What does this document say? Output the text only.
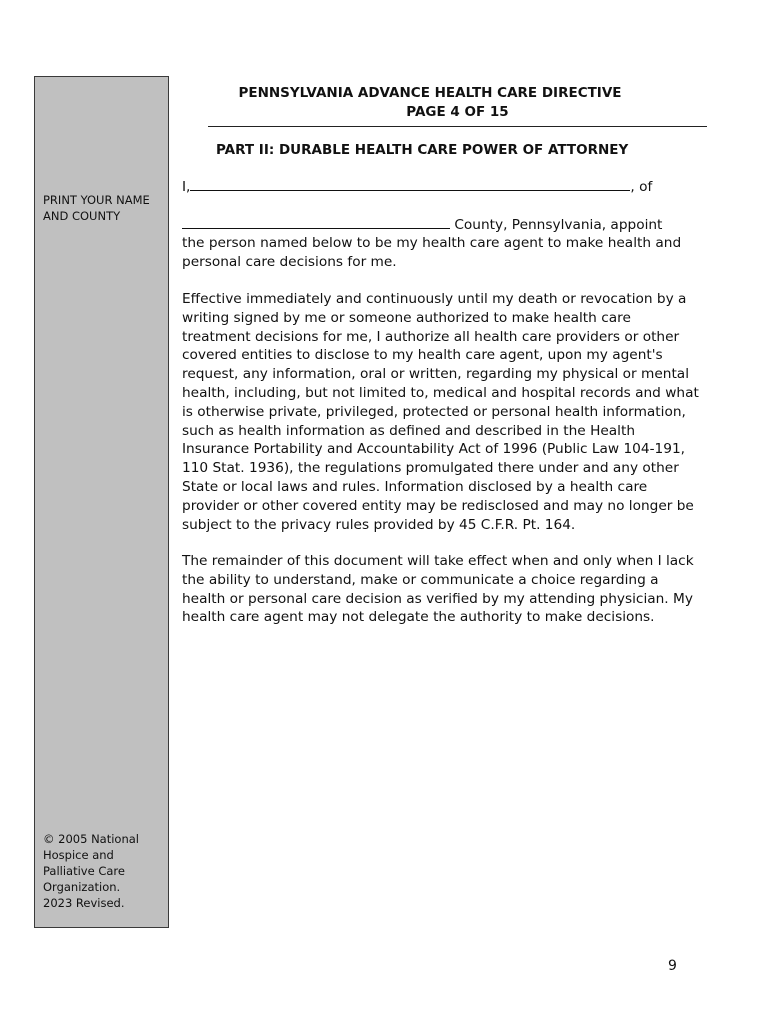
PRINT YOUR NAME
AND COUNTY
© 2005 National
Hospice and
Palliative Care
Organization.
2023 Revised.
PENNSYLVANIA ADVANCE HEALTH CARE DIRECTIVE
PAGE 4 OF 15
PART II: DURABLE HEALTH CARE POWER OF ATTORNEY
I,	, of
County, Pennsylvania, appoint
the person named below to be my health care agent to make health and personal care decisions for me.
Effective immediately and continuously until my death or revocation by a writing signed by me or someone authorized to make health care treatment decisions for me, I authorize all health care providers or other covered entities to disclose to my health care agent, upon my agent's request, any information, oral or written, regarding my physical or mental health, including, but not limited to, medical and hospital records and what is otherwise private, privileged, protected or personal health information, such as health information as defined and described in the Health Insurance Portability and Accountability Act of 1996 (Public Law 104-191, 110 Stat. 1936), the regulations promulgated there under and any other State or local laws and rules. Information disclosed by a health care provider or other covered entity may be redisclosed and may no longer be subject to the privacy rules provided by 45 C.F.R. Pt. 164.
The remainder of this document will take effect when and only when I lack the ability to understand, make or communicate a choice regarding a health or personal care decision as verified by my attending physician. My health care agent may not delegate the authority to make decisions.
9
